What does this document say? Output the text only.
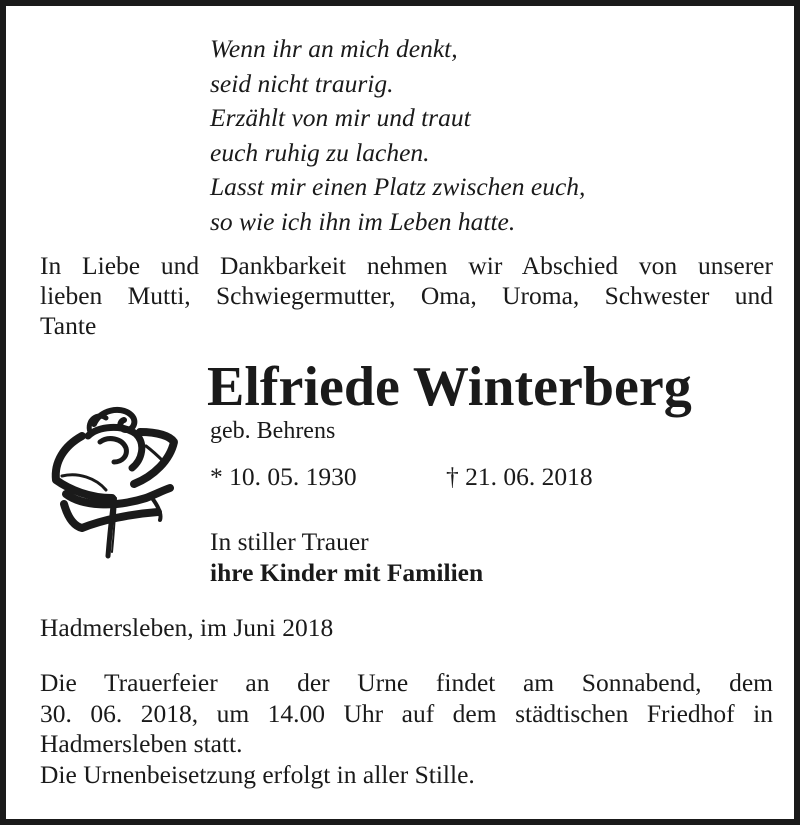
Wenn ihr an mich denkt,
seid nicht traurig.
Erzählt von mir und traut
euch ruhig zu lachen.
Lasst mir einen Platz zwischen euch,
so wie ich ihn im Leben hatte.
In Liebe und Dankbarkeit nehmen wir Abschied von unserer
lieben Mutti, Schwiegermutter, Oma, Uroma, Schwester und
Tante
Elfriede Winterberg
geb. Behrens
* 10. 05. 1930	† 21. 06. 2018
In stiller Trauer
ihre Kinder mit Familien
Hadmersleben, im Juni 2018
Die Trauerfeier an der Urne findet am Sonnabend, dem
30. 06. 2018, um 14.00 Uhr auf dem städtischen Friedhof in
Hadmersleben statt.
Die Urnenbeisetzung erfolgt in aller Stille.
